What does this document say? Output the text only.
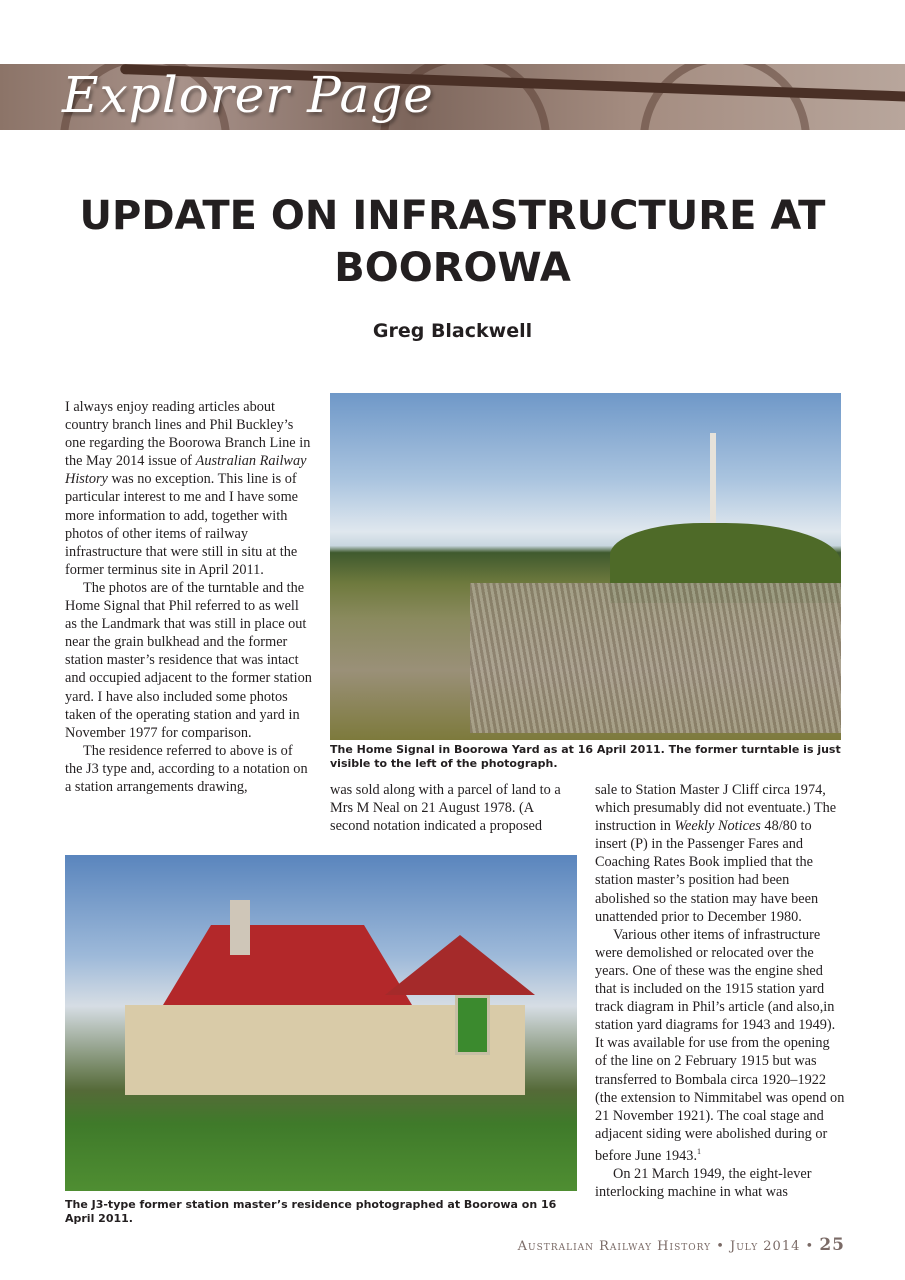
Explorer Page
UPDATE ON INFRASTRUCTURE AT BOOROWA
Greg Blackwell

I always enjoy reading articles about country branch lines and Phil Buckley’s one regarding the Boorowa Branch Line in the May 2014 issue of Australian Railway History was no exception. This line is of particular interest to me and I have some more information to add, together with photos of other items of railway infrastructure that were still in situ at the former terminus site in April 2011.

The photos are of the turntable and the Home Signal that Phil referred to as well as the Landmark that was still in place out near the grain bulkhead and the former station master’s residence that was intact and occupied adjacent to the former station yard. I have also included some photos taken of the operating station and yard in November 1977 for comparison.

The residence referred to above is of the J3 type and, according to a notation on a station arrangements drawing,

The Home Signal in Boorowa Yard as at 16 April 2011. The former turntable is just visible to the left of the photograph.

was sold along with a parcel of land to a Mrs M Neal on 21 August 1978. (A second notation indicated a proposed

The J3-type former station master’s residence photographed at Boorowa on 16 April 2011.

sale to Station Master J Cliff circa 1974, which presumably did not eventuate.) The instruction in Weekly Notices 48/80 to insert (P) in the Passenger Fares and Coaching Rates Book implied that the station master’s position had been abolished so the station may have been unattended prior to December 1980.

Various other items of infrastructure were demolished or relocated over the years. One of these was the engine shed that is included on the 1915 station yard track diagram in Phil’s article (and also,in station yard diagrams for 1943 and 1949). It was available for use from the opening of the line on 2 February 1915 but was transferred to Bombala circa 1920–1922 (the extension to Nimmitabel was opend on 21 November 1921). The coal stage and adjacent siding were abolished during or before June 1943.$^1$

On 21 March 1949, the eight-lever interlocking machine in what was

Australian Railway History • July 2014 • 25
